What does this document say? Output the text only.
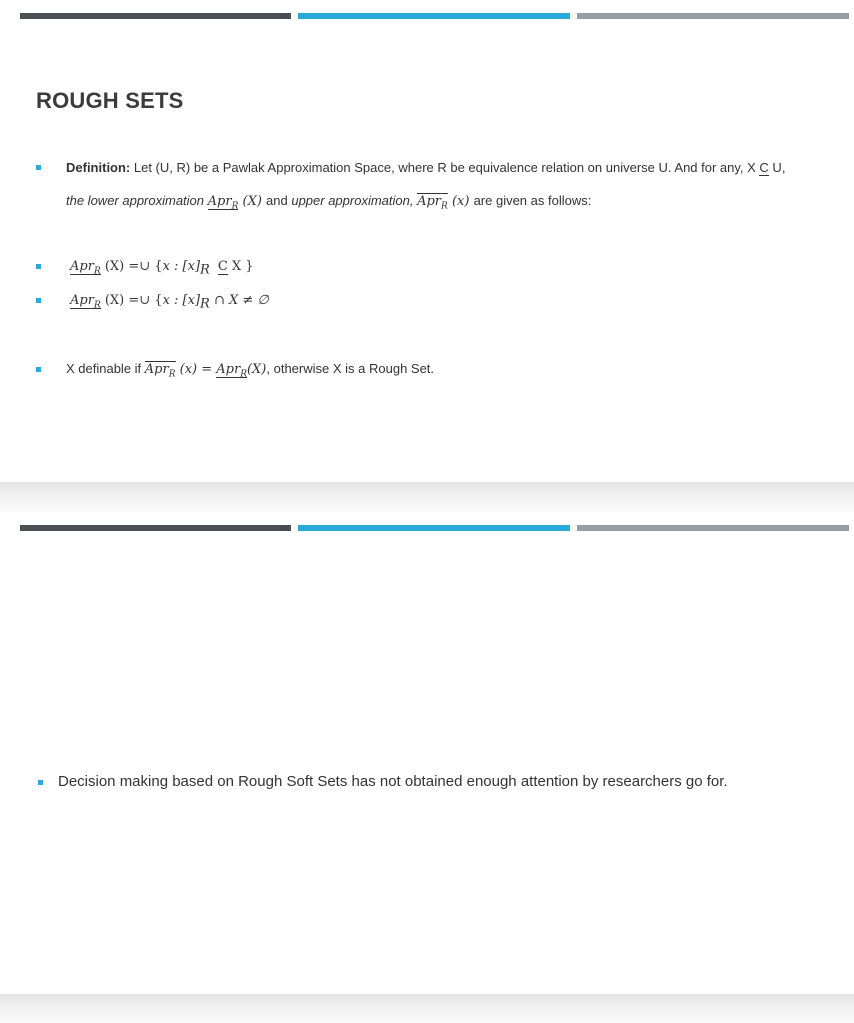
ROUGH SETS
Definition: Let (U, R) be a Pawlak Approximation Space, where R be equivalence relation on universe U. And for any, X C U,
the lower approximation Apr$_R$ (X) and upper approximation, Apr$_R$ (x) are given as follows:
Apr$_R$ (X) =∪ {x : $[x]_R$ C X }
Apr$_R$ (X) =∪ {x : $[x]_R$ ∩ X ≠ ∅
X definable if Apr$_R$ (x) = Apr$_R$(X), otherwise X is a Rough Set.
Decision making based on Rough Soft Sets has not obtained enough attention by researchers go for.
